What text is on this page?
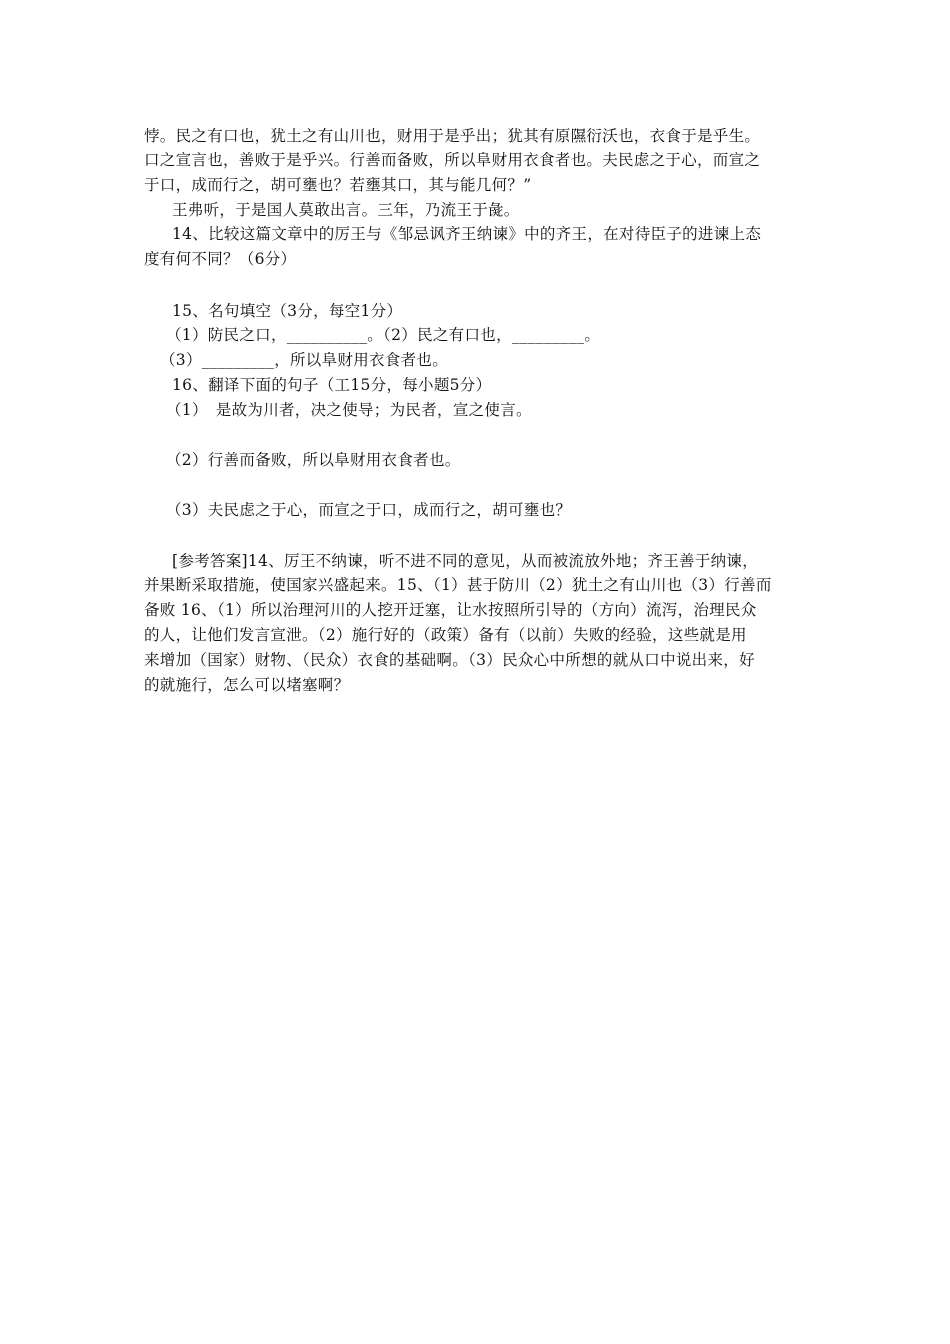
悖。民之有口也，犹土之有山川也，财用于是乎出；犹其有原隰衍沃也，衣食于是乎生。
口之宣言也，善败于是乎兴。行善而备败，所以阜财用衣食者也。夫民虑之于心，而宣之
于口，成而行之，胡可壅也？若壅其口，其与能几何？”
王弗听，于是国人莫敢出言。三年，乃流王于彘。
14、比较这篇文章中的厉王与《邹忌讽齐王纳谏》中的齐王，在对待臣子的进谏上态
度有何不同？（6分）
15、名句填空（3分，每空1分）
（1）防民之口，__________。（2）民之有口也，_________。
（3）_________，所以阜财用衣食者也。
16、翻译下面的句子（工15分，每小题5分）
（1）　是故为川者，决之使导；为民者，宣之使言。
（2）行善而备败，所以阜财用衣食者也。
（3）夫民虑之于心，而宣之于口，成而行之，胡可壅也？
[参考答案]14、厉王不纳谏，听不进不同的意见，从而被流放外地；齐王善于纳谏，
并果断采取措施，使国家兴盛起来。15、（1）甚于防川（2）犹土之有山川也（3）行善而
备败 16、（1）所以治理河川的人挖开迂塞，让水按照所引导的（方向）流泻，治理民众
的人，让他们发言宣泄。（2）施行好的（政策）备有（以前）失败的经验，这些就是用
来增加（国家）财物、（民众）衣食的基础啊。（3）民众心中所想的就从口中说出来，好
的就施行，怎么可以堵塞啊？
